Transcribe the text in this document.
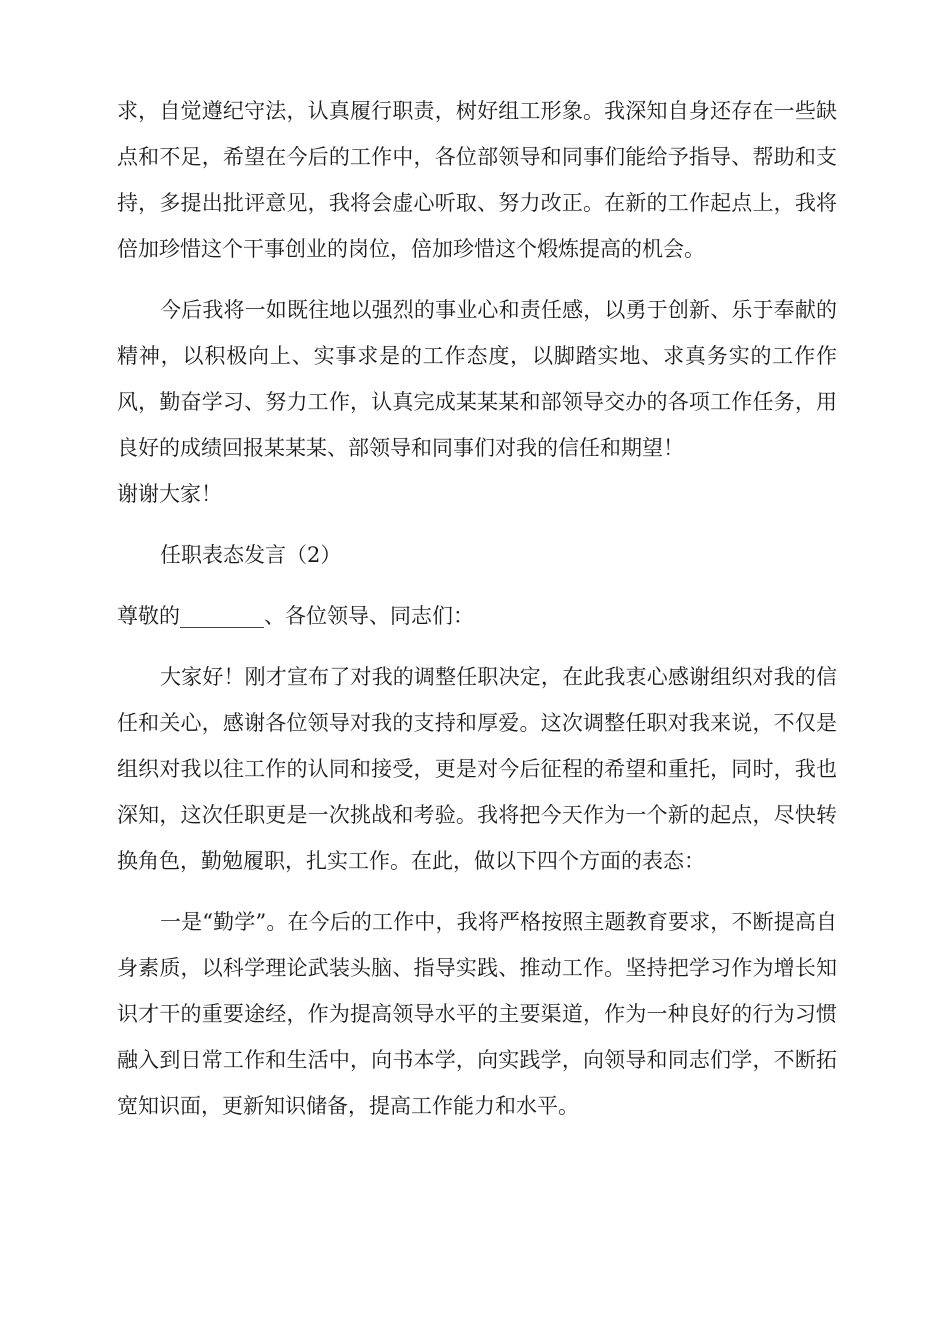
求，自觉遵纪守法，认真履行职责，树好组工形象。我深知自身还存在一些缺点和不足，希望在今后的工作中，各位部领导和同事们能给予指导、帮助和支持，多提出批评意见，我将会虚心听取、努力改正。在新的工作起点上，我将倍加珍惜这个干事创业的岗位，倍加珍惜这个煅炼提高的机会。

今后我将一如既往地以强烈的事业心和责任感，以勇于创新、乐于奉献的精神，以积极向上、实事求是的工作态度，以脚踏实地、求真务实的工作作风，勤奋学习、努力工作，认真完成某某某和部领导交办的各项工作任务，用良好的成绩回报某某某、部领导和同事们对我的信任和期望！

谢谢大家！

任职表态发言（2）

尊敬的________、各位领导、同志们：

大家好！刚才宣布了对我的调整任职决定，在此我衷心感谢组织对我的信任和关心，感谢各位领导对我的支持和厚爱。这次调整任职对我来说，不仅是组织对我以往工作的认同和接受，更是对今后征程的希望和重托，同时，我也深知，这次任职更是一次挑战和考验。我将把今天作为一个新的起点，尽快转换角色，勤勉履职，扎实工作。在此，做以下四个方面的表态：

一是“勤学”。在今后的工作中，我将严格按照主题教育要求，不断提高自身素质，以科学理论武装头脑、指导实践、推动工作。坚持把学习作为增长知识才干的重要途经，作为提高领导水平的主要渠道，作为一种良好的行为习惯融入到日常工作和生活中，向书本学，向实践学，向领导和同志们学，不断拓宽知识面，更新知识储备，提高工作能力和水平。
